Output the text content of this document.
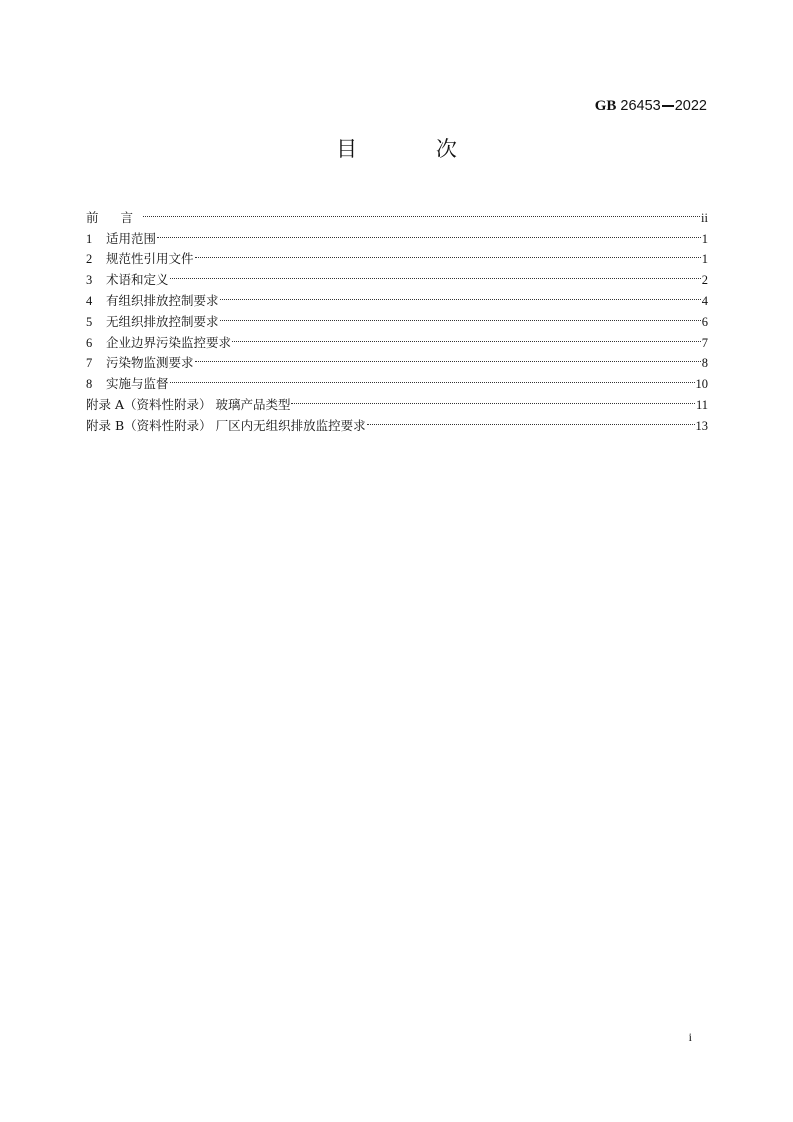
GB 26453 2022
目 次
前 言	ii
1	适用范围	1
2	规范性引用文件	1
3	术语和定义	2
4	有组织排放控制要求	4
5	无组织排放控制要求	6
6	企业边界污染监控要求	7
7	污染物监测要求	8
8	实施与监督	10
附录 A（资料性附录） 玻璃产品类型	11
附录 B（资料性附录） 厂区内无组织排放监控要求	13
i
